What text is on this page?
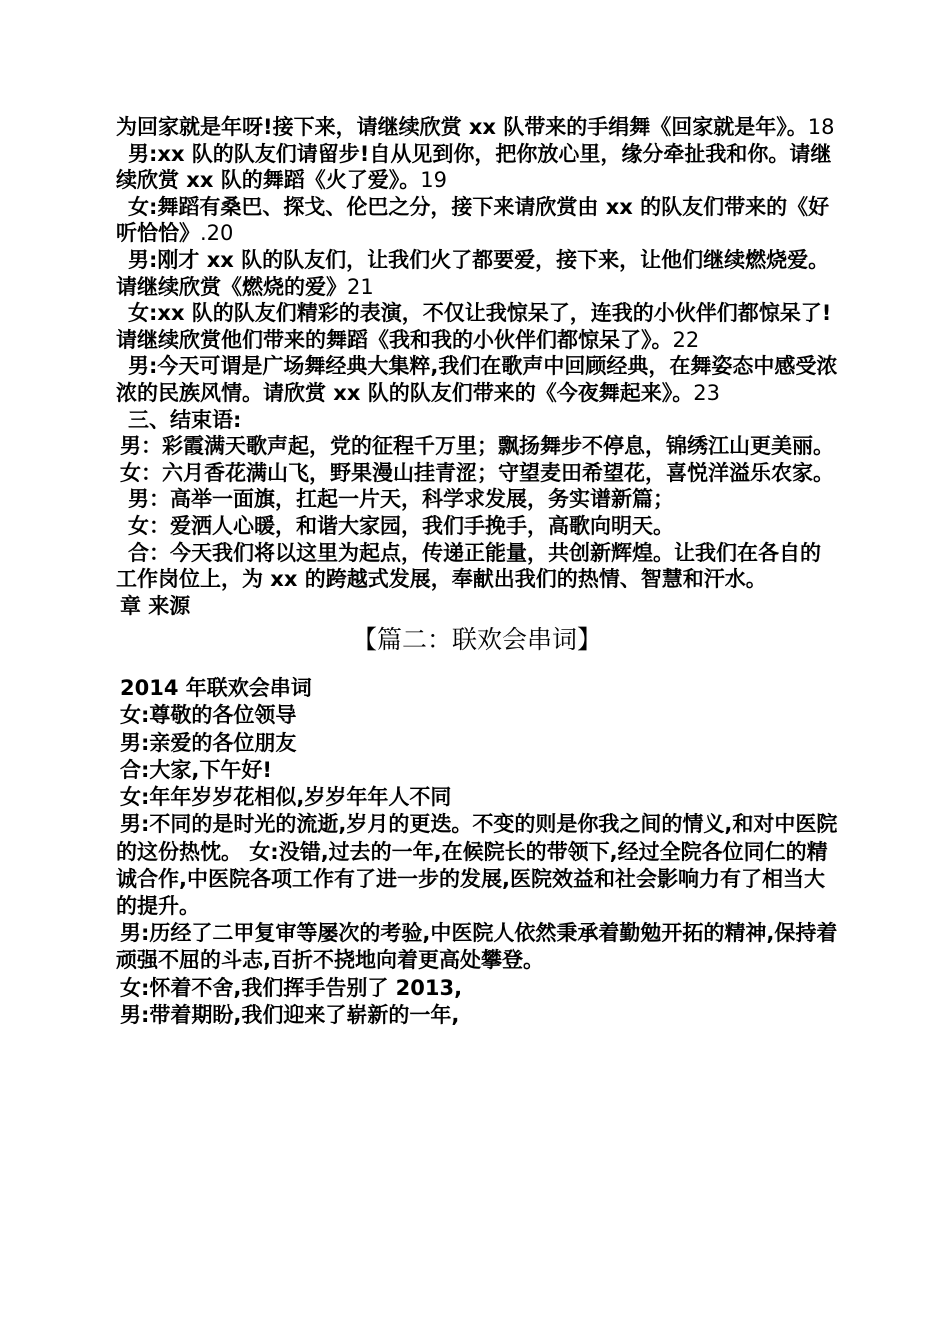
为回家就是年呀!接下来，请继续欣赏 xx 队带来的手绢舞《回家就是年》。18

男:xx 队的队友们请留步!自从见到你，把你放心里，缘分牵扯我和你。请继续欣赏 xx 队的舞蹈《火了爱》。19

女:舞蹈有桑巴、探戈、伦巴之分，接下来请欣赏由 xx 的队友们带来的《好听恰恰》.20

男:刚才 xx 队的队友们，让我们火了都要爱，接下来，让他们继续燃烧爱。请继续欣赏《燃烧的爱》21

女:xx 队的队友们精彩的表演，不仅让我惊呆了，连我的小伙伴们都惊呆了!请继续欣赏他们带来的舞蹈《我和我的小伙伴们都惊呆了》。22

男:今天可谓是广场舞经典大集粹,我们在歌声中回顾经典，在舞姿态中感受浓浓的民族风情。请欣赏 xx 队的队友们带来的《今夜舞起来》。23

三、结束语:

男：彩霞满天歌声起，党的征程千万里；飘扬舞步不停息，锦绣江山更美丽。

女：六月香花满山飞，野果漫山挂青涩；守望麦田希望花，喜悦洋溢乐农家。

男：高举一面旗，扛起一片天，科学求发展，务实谱新篇；

女：爱洒人心暖，和谐大家园，我们手挽手，高歌向明天。

合：今天我们将以这里为起点，传递正能量，共创新辉煌。让我们在各自的工作岗位上，为 xx 的跨越式发展，奉献出我们的热情、智慧和汗水。

章 来源

【篇二：联欢会串词】

2014 年联欢会串词

女:尊敬的各位领导

男:亲爱的各位朋友

合:大家,下午好!

女:年年岁岁花相似,岁岁年年人不同

男:不同的是时光的流逝,岁月的更迭。不变的则是你我之间的情义,和对中医院的这份热忱。 女:没错,过去的一年,在候院长的带领下,经过全院各位同仁的精诚合作,中医院各项工作有了进一步的发展,医院效益和社会影响力有了相当大的提升。

男:历经了二甲复审等屡次的考验,中医院人依然秉承着勤勉开拓的精神,保持着顽强不屈的斗志,百折不挠地向着更高处攀登。

女:怀着不舍,我们挥手告别了 2013,

男:带着期盼,我们迎来了崭新的一年,
